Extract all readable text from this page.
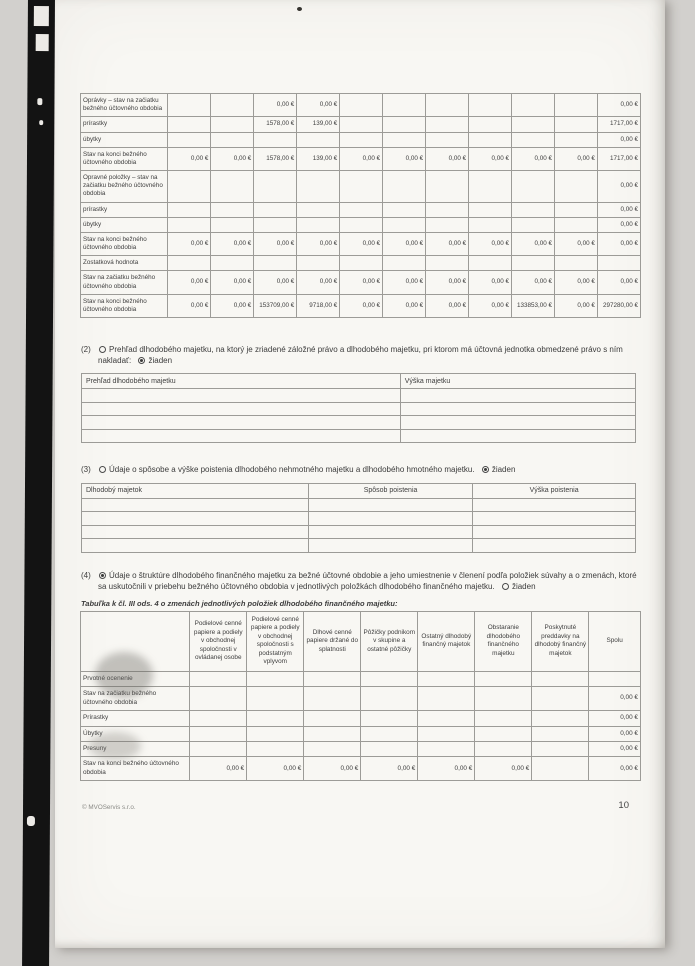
Oprávky – stav na začiatku bežného účtovného obdobia			0,00 €	0,00 €							0,00 €
prírastky			1578,00 €	139,00 €							1717,00 €
úbytky											0,00 €
Stav na konci bežného účtovného obdobia	0,00 €	0,00 €	1578,00 €	139,00 €	0,00 €	0,00 €	0,00 €	0,00 €	0,00 €	0,00 €	1717,00 €
Opravné položky – stav na začiatku bežného účtovného obdobia											0,00 €
prírastky											0,00 €
úbytky											0,00 €
Stav na konci bežného účtovného obdobia	0,00 €	0,00 €	0,00 €	0,00 €	0,00 €	0,00 €	0,00 €	0,00 €	0,00 €	0,00 €	0,00 €
Zostatková hodnota											
Stav na začiatku bežného účtovného obdobia	0,00 €	0,00 €	0,00 €	0,00 €	0,00 €	0,00 €	0,00 €	0,00 €	0,00 €	0,00 €	0,00 €
Stav na konci bežného účtovného obdobia	0,00 €	0,00 €	153709,00 €	9718,00 €	0,00 €	0,00 €	0,00 €	0,00 €	133853,00 €	0,00 €	297280,00 €
(2)	Prehľad dlhodobého majetku, na ktorý je zriadené záložné právo a dlhodobého majetku, pri ktorom má účtovná jednotka obmedzené právo s ním nakladať: žiaden
Prehľad dlhodobého majetku	Výška majetku

(3)	Údaje o spôsobe a výške poistenia dlhodobého nehmotného majetku a dlhodobého hmotného majetku. žiaden
Dlhodobý majetok	Spôsob poistenia	Výška poistenia

(4)	Údaje o štruktúre dlhodobého finančného majetku za bežné účtovné obdobie a jeho umiestnenie v členení podľa položiek súvahy a o zmenách, ktoré sa uskutočnili v priebehu bežného účtovného obdobia v jednotlivých položkách dlhodobého finančného majetku. žiaden
Tabuľka k čl. III ods. 4 o zmenách jednotlivých položiek dlhodobého finančného majetku:
	Podielové cenné papiere a podiely v obchodnej spoločnosti v ovládanej osobe	Podielové cenné papiere a podiely v obchodnej spoločnosti s podstatným vplyvom	Dlhové cenné papiere držané do splatnosti	Pôžičky podnikom v skupine a ostatné pôžičky	Ostatný dlhodobý finančný majetok	Obstaranie dlhodobého finančného majetku	Poskytnuté preddavky na dlhodobý finančný majetok	Spolu
Prvotné ocenenie								
Stav na začiatku bežného účtovného obdobia								0,00 €
Prírastky								0,00 €
Úbytky								0,00 €
Presuny								0,00 €
Stav na konci bežného účtovného obdobia	0,00 €	0,00 €	0,00 €	0,00 €	0,00 €	0,00 €		0,00 €
© MVOServis s.r.o.	10
